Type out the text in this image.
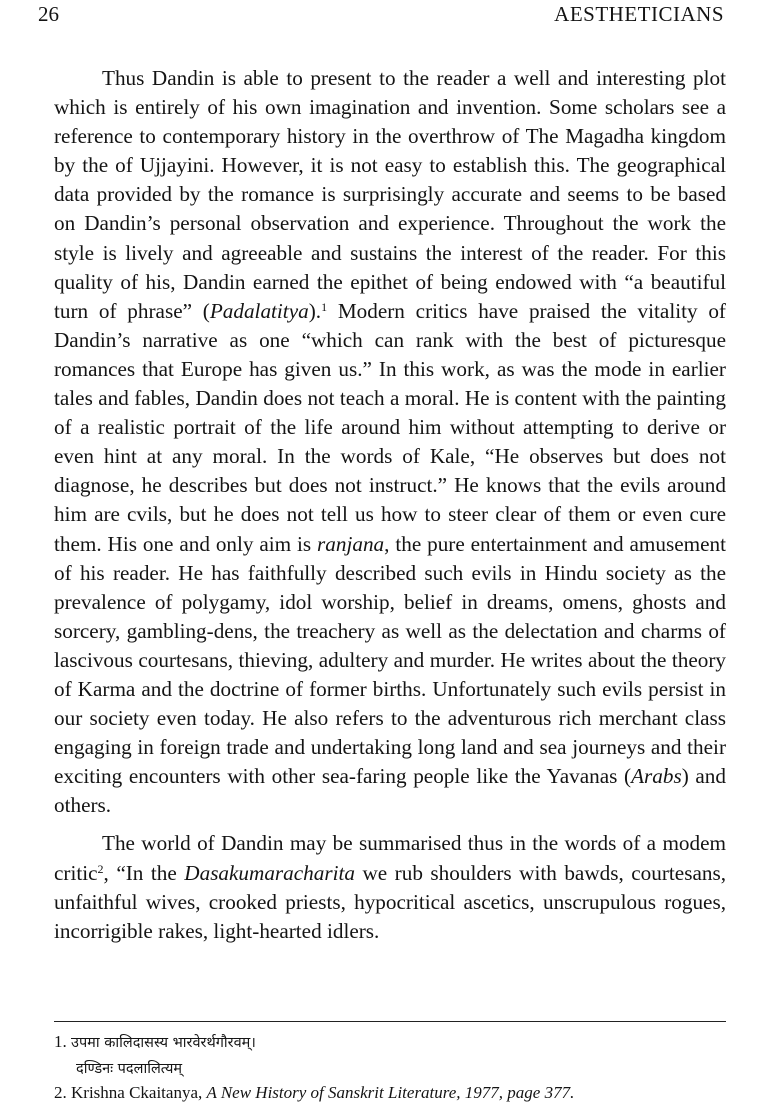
26	AESTHETICIANS

Thus Dandin is able to present to the reader a well and interesting plot which is entirely of his own imagination and invention. Some scholars see a reference to contemporary history in the overthrow of The Magadha kingdom by the of Ujjayini. However, it is not easy to establish this. The geographical data provided by the romance is surprisingly accurate and seems to be based on Dandin’s personal observation and experience. Throughout the work the style is lively and agreeable and sustains the interest of the reader. For this quality of his, Dandin earned the epithet of being endowed with “a beautiful turn of phrase” (Padalatitya).$^1$ Modern critics have praised the vitality of Dandin’s narrative as one “which can rank with the best of picturesque romances that Europe has given us.” In this work, as was the mode in earlier tales and fables, Dandin does not teach a moral. He is content with the painting of a realistic portrait of the life around him without attempting to derive or even hint at any moral. In the words of Kale, “He observes but does not diagnose, he describes but does not instruct.” He knows that the evils around him are cvils, but he does not tell us how to steer clear of them or even cure them. His one and only aim is ranjana, the pure entertainment and amusement of his reader. He has faithfully described such evils in Hindu society as the prevalence of polygamy, idol worship, belief in dreams, omens, ghosts and sorcery, gambling-dens, the treachery as well as the delectation and charms of lascivous courtesans, thieving, adultery and murder. He writes about the theory of Karma and the doctrine of former births. Unfortunately such evils persist in our society even today. He also refers to the adventurous rich merchant class engaging in foreign trade and undertaking long land and sea journeys and their exciting encounters with other sea-faring people like the Yavanas (Arabs) and others.

The world of Dandin may be summarised thus in the words of a modem critic$^2$, “In the Dasakumaracharita we rub shoulders with bawds, courtesans, unfaithful wives, crooked priests, hypocritical ascetics, unscrupulous rogues, incorrigible rakes, light-hearted idlers.

1. उपमा कालिदासस्य भारवेरर्थगौरवम्।

दण्डिनः पदलालित्यम्

2. Krishna Ckaitanya, A New History of Sanskrit Literature, 1977, page 377.
